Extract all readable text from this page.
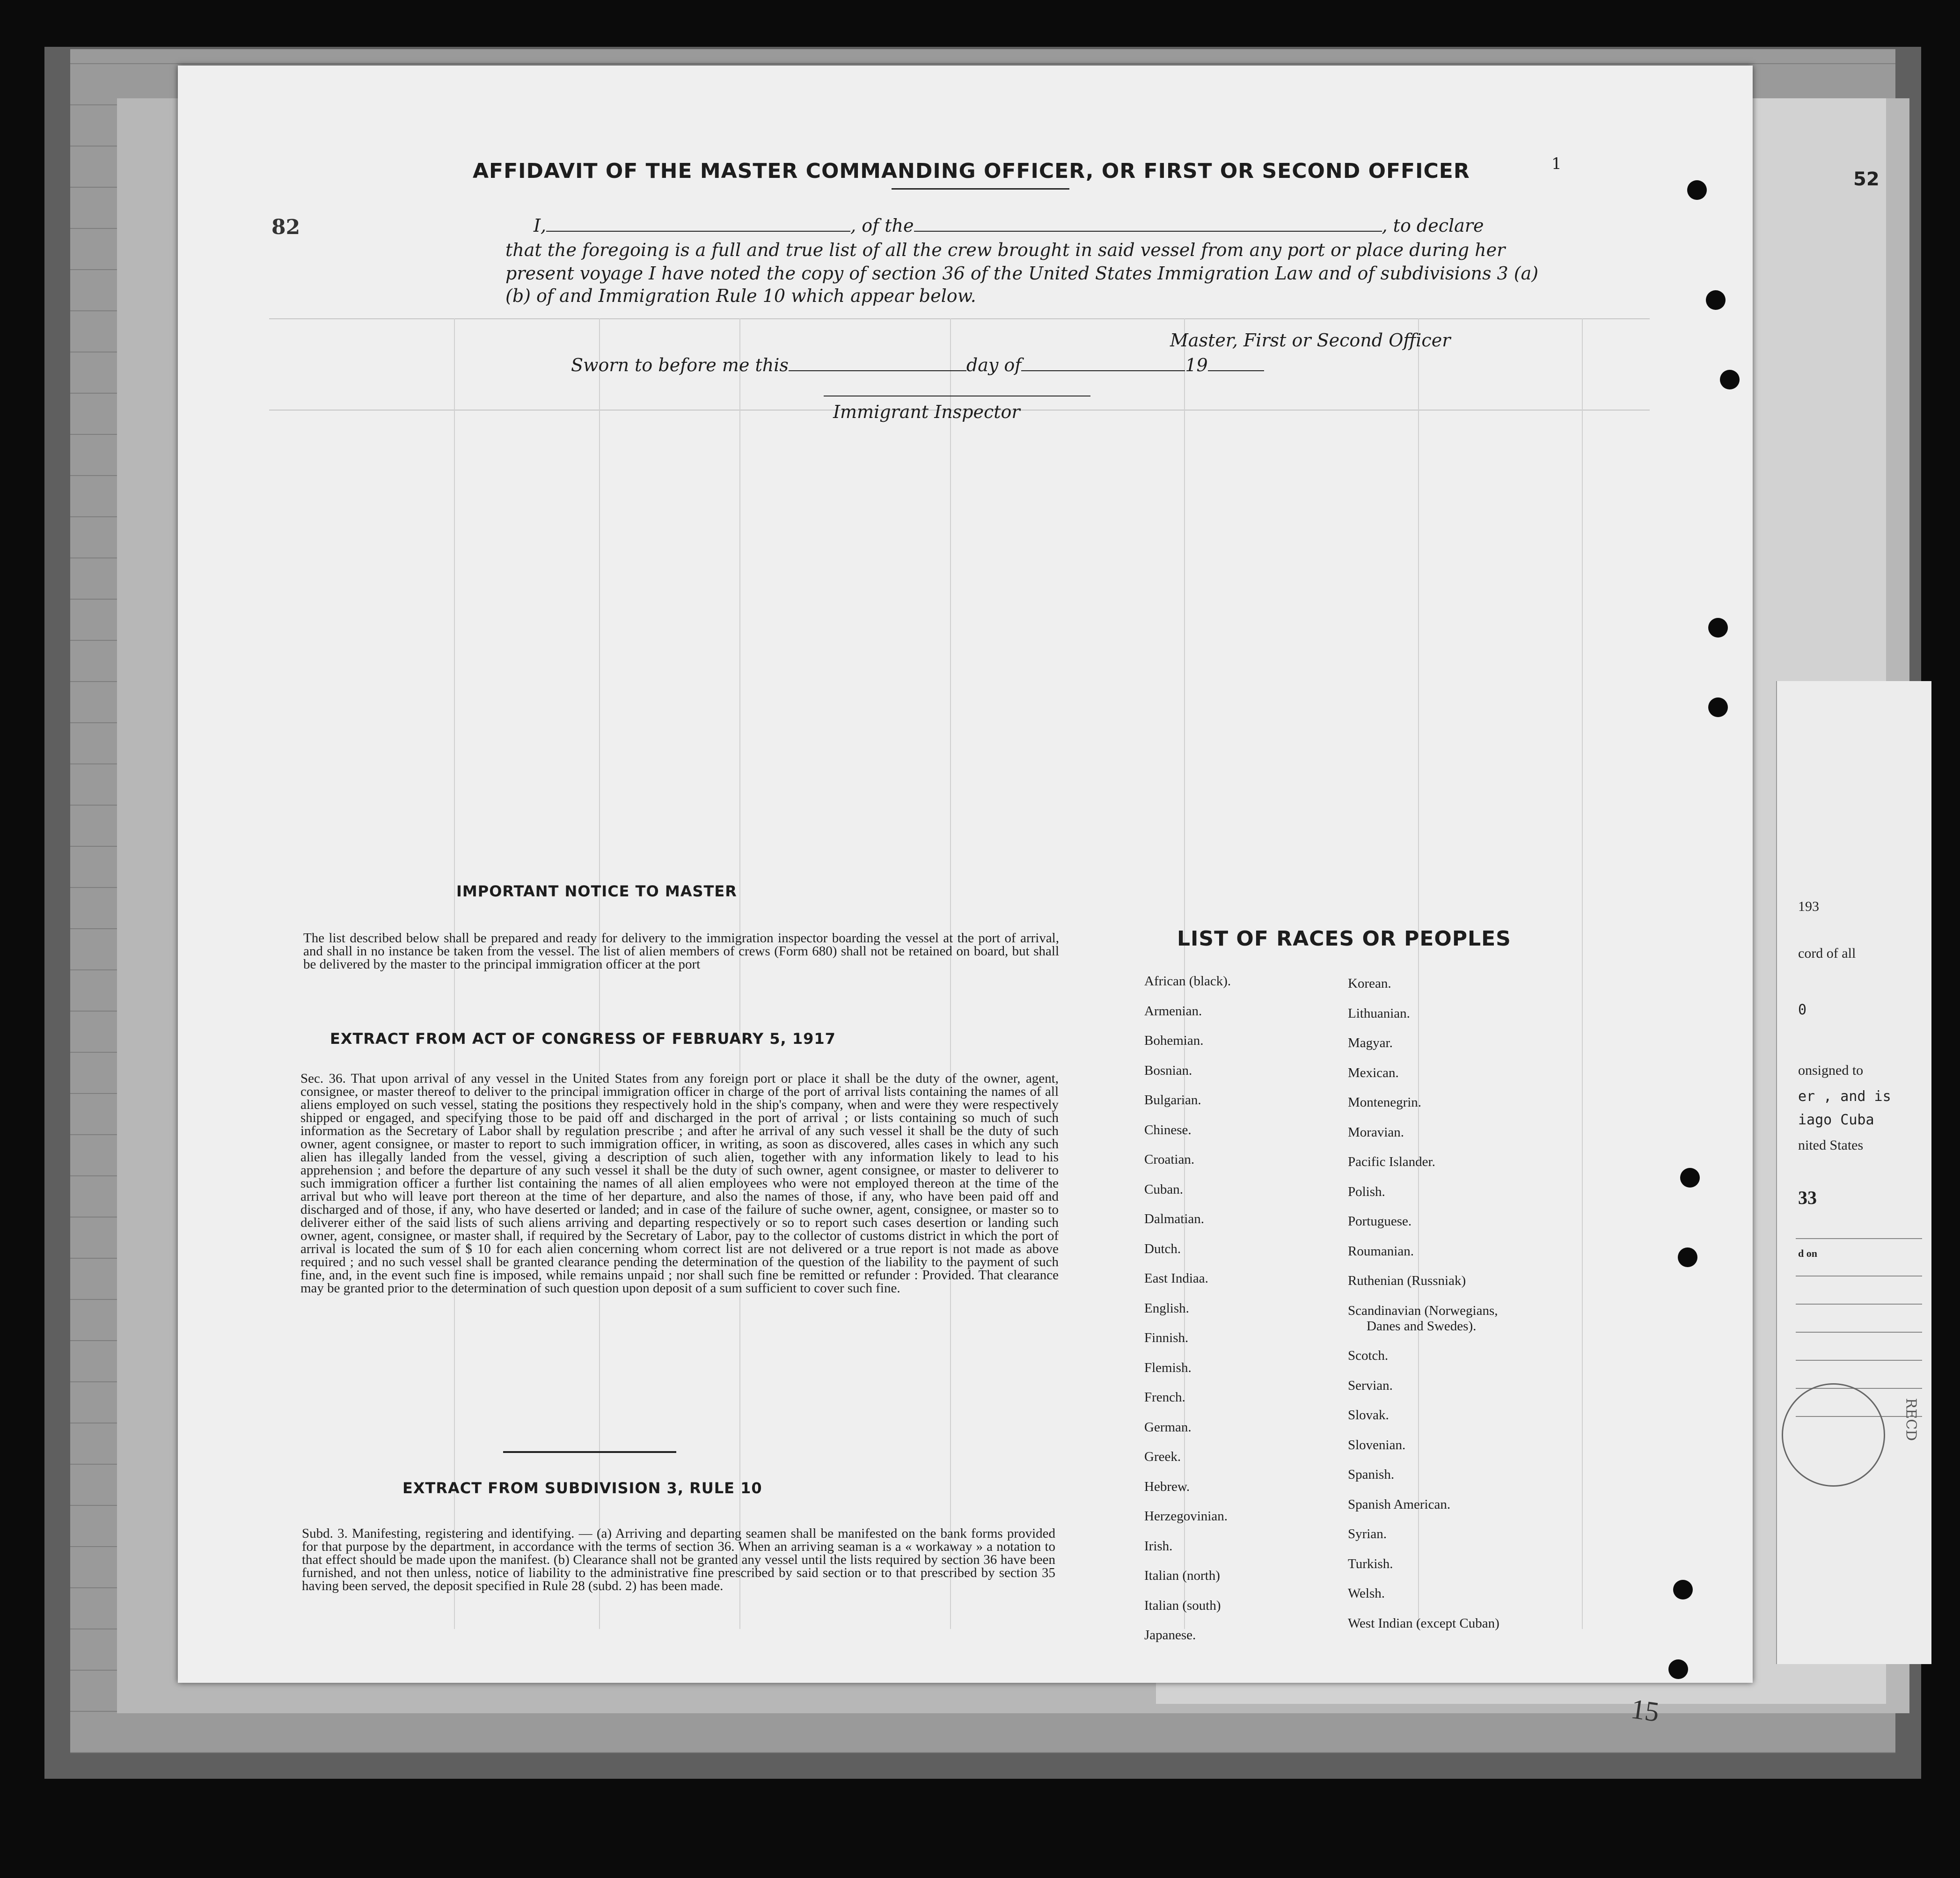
52
193
cord of all
0
onsigned to
er , and is
iago Cuba
nited States
33
d on
RECD
82
AFFIDAVIT OF THE MASTER COMMANDING OFFICER, OR FIRST OR SECOND OFFICER	1
I,	, of the	, to declare
that the foregoing is a full and true list of all the crew brought in said vessel from any port or place during her
present voyage I have noted the copy of section 36 of the United States Immigration Law and of subdivisions 3 (a)
(b) of and Immigration Rule 10 which appear below.
Master, First or Second Officer
Sworn to before me this	day of	19
Immigrant Inspector
IMPORTANT NOTICE TO MASTER
The list described below shall be prepared and ready for delivery to the immigration inspector boarding the vessel at the port of arrival, and shall in no instance be taken from the vessel. The list of alien members of crews (Form 680) shall not be retained on board, but shall be delivered by the master to the principal immigration officer at the port
EXTRACT FROM ACT OF CONGRESS OF FEBRUARY 5, 1917
Sec. 36. That upon arrival of any vessel in the United States from any foreign port or place it shall be the duty of the owner, agent, consignee, or master thereof to deliver to the principal immigration officer in charge of the port of arrival lists containing the names of all aliens employed on such vessel, stating the positions they respectively hold in the ship's company, when and were they were respectively shipped or engaged, and specifying those to be paid off and discharged in the port of arrival ; or lists containing so much of such information as the Secretary of Labor shall by regulation prescribe ; and after he arrival of any such vessel it shall be the duty of such owner, agent consignee, or master to report to such immigration officer, in writing, as soon as discovered, alles cases in which any such alien has illegally landed from the vessel, giving a description of such alien, together with any information likely to lead to his apprehension ; and before the departure of any such vessel it shall be the duty of such owner, agent consignee, or master to deliverer to such immigration officer a further list containing the names of all alien employees who were not employed thereon at the time of the arrival but who will leave port thereon at the time of her departure, and also the names of those, if any, who have been paid off and discharged and of those, if any, who have deserted or landed; and in case of the failure of suche owner, agent, consignee, or master so to deliverer either of the said lists of such aliens arriving and departing respectively or so to report such cases desertion or landing such owner, agent, consignee, or master shall, if required by the Secretary of Labor, pay to the collector of customs district in which the port of arrival is located the sum of $ 10 for each alien concerning whom correct list are not delivered or a true report is not made as above required ; and no such vessel shall be granted clearance pending the determination of the question of the liability to the payment of such fine, and, in the event such fine is imposed, while remains unpaid ; nor shall such fine be remitted or refunder : Provided. That clearance may be granted prior to the determination of such question upon deposit of a sum sufficient to cover such fine.
EXTRACT FROM SUBDIVISION 3, RULE 10
Subd. 3. Manifesting, registering and identifying. — (a) Arriving and departing seamen shall be manifested on the bank forms provided for that purpose by the department, in accordance with the terms of section 36. When an arriving seaman is a « workaway » a notation to that effect should be made upon the manifest. (b) Clearance shall not be granted any vessel until the lists required by section 36 have been furnished, and not then unless, notice of liability to the administrative fine prescribed by said section or to that prescribed by section 35 having been served, the deposit specified in Rule 28 (subd. 2) has been made.
LIST OF RACES OR PEOPLES
African (black).
Armenian.
Bohemian.
Bosnian.
Bulgarian.
Chinese.
Croatian.
Cuban.
Dalmatian.
Dutch.
East Indiaa.
English.
Finnish.
Flemish.
French.
German.
Greek.
Hebrew.
Herzegovinian.
Irish.
Italian (north)
Italian (south)
Japanese.
Korean.
Lithuanian.
Magyar.
Mexican.
Montenegrin.
Moravian.
Pacific Islander.
Polish.
Portuguese.
Roumanian.
Ruthenian (Russniak)
Scandinavian (Norwegians,
Danes and Swedes).
Scotch.
Servian.
Slovak.
Slovenian.
Spanish.
Spanish American.
Syrian.
Turkish.
Welsh.
West Indian (except Cuban)
15
